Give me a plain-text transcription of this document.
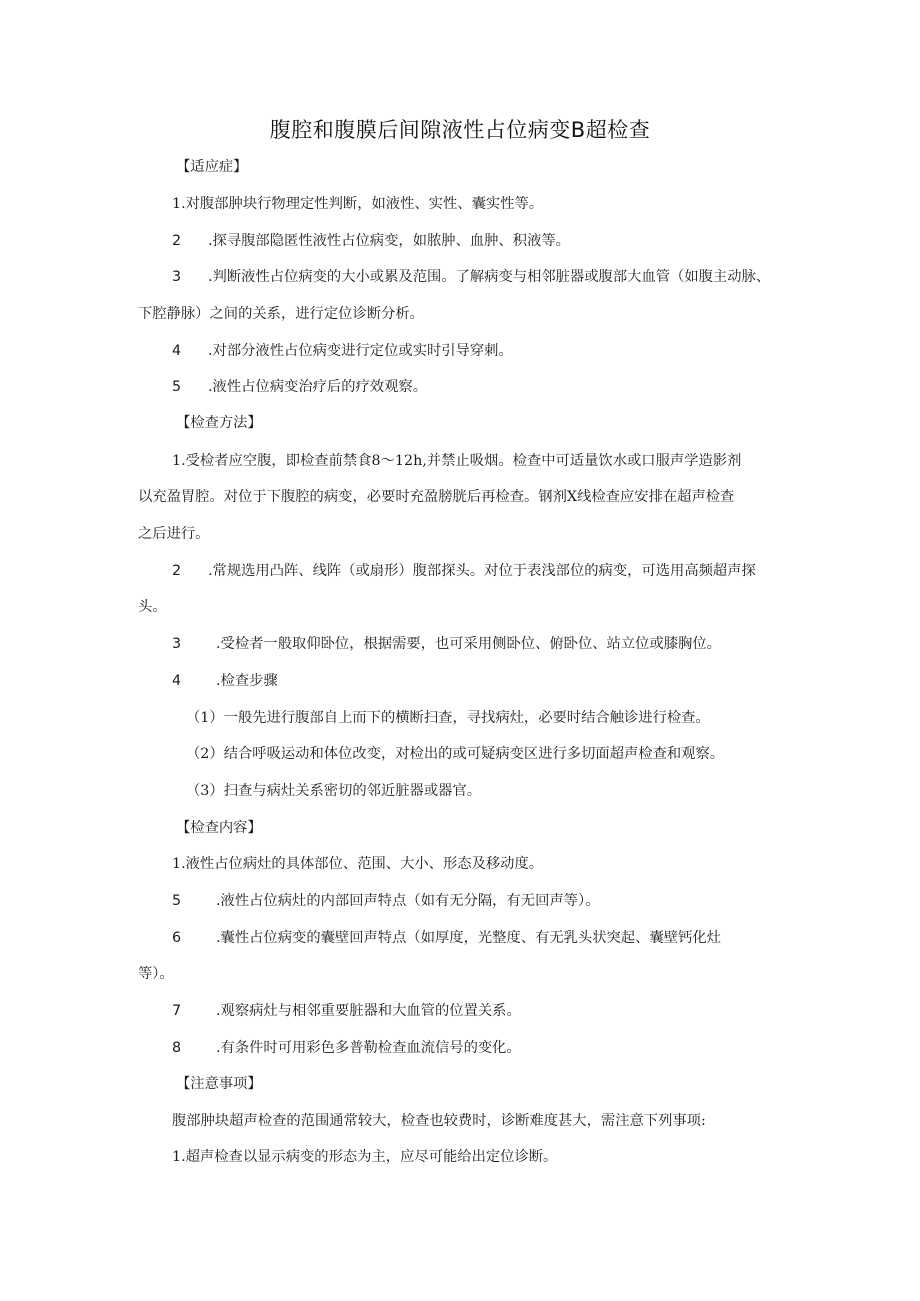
腹腔和腹膜后间隙液性占位病变B超检查
【适应症】
1.对腹部肿块行物理定性判断，如液性、实性、囊实性等。
2 .探寻腹部隐匿性液性占位病变，如脓肿、血肿、积液等。
3 .判断液性占位病变的大小或累及范围。了解病变与相邻脏器或腹部大血管（如腹主动脉、
下腔静脉）之间的关系，进行定位诊断分析。
4 .对部分液性占位病变进行定位或实时引导穿刺。
5 .液性占位病变治疗后的疗效观察。
【检查方法】
1.受检者应空腹，即检查前禁食8～12h,并禁止吸烟。检查中可适量饮水或口服声学造影剂
以充盈胃腔。对位于下腹腔的病变，必要时充盈膀胱后再检查。钢剂X线检查应安排在超声检查
之后进行。
2 .常规选用凸阵、线阵（或扇形）腹部探头。对位于表浅部位的病变，可选用高频超声探
头。
3 .受检者一般取仰卧位，根据需要，也可采用侧卧位、俯卧位、站立位或膝胸位。
4 .检查步骤
（1）一般先进行腹部自上而下的横断扫查，寻找病灶，必要时结合触诊进行检查。
（2）结合呼吸运动和体位改变，对检出的或可疑病变区进行多切面超声检查和观察。
（3）扫查与病灶关系密切的邻近脏器或器官。
【检查内容】
1.液性占位病灶的具体部位、范围、大小、形态及移动度。
5 .液性占位病灶的内部回声特点（如有无分隔，有无回声等）。
6 .囊性占位病变的囊壁回声特点（如厚度，光整度、有无乳头状突起、囊壁钙化灶
等）。
7 .观察病灶与相邻重要脏器和大血管的位置关系。
8 .有条件时可用彩色多普勒检查血流信号的变化。
【注意事项】
腹部肿块超声检查的范围通常较大，检查也较费时，诊断难度甚大，需注意下列事项:
1.超声检查以显示病变的形态为主，应尽可能给出定位诊断。
